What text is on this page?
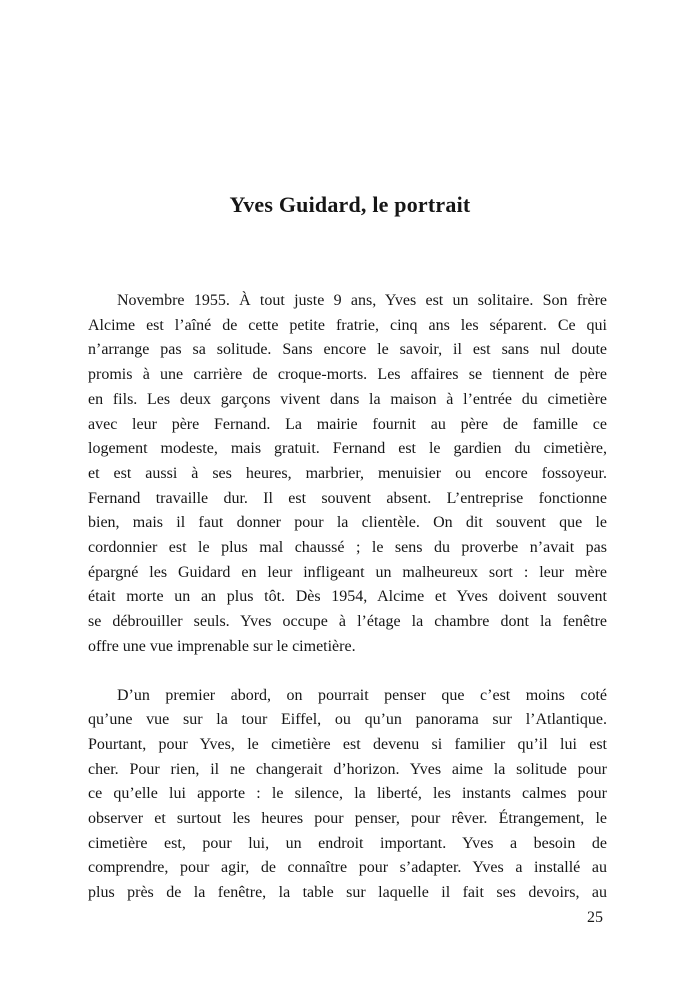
Yves Guidard, le portrait
Novembre 1955. À tout juste 9 ans, Yves est un solitaire. Son frère
Alcime est l’aîné de cette petite fratrie, cinq ans les séparent. Ce qui
n’arrange pas sa solitude. Sans encore le savoir, il est sans nul doute
promis à une carrière de croque-morts. Les affaires se tiennent de père
en fils. Les deux garçons vivent dans la maison à l’entrée du cimetière
avec leur père Fernand. La mairie fournit au père de famille ce
logement modeste, mais gratuit. Fernand est le gardien du cimetière,
et est aussi à ses heures, marbrier, menuisier ou encore fossoyeur.
Fernand travaille dur. Il est souvent absent. L’entreprise fonctionne
bien, mais il faut donner pour la clientèle. On dit souvent que le
cordonnier est le plus mal chaussé ; le sens du proverbe n’avait pas
épargné les Guidard en leur infligeant un malheureux sort : leur mère
était morte un an plus tôt. Dès 1954, Alcime et Yves doivent souvent
se débrouiller seuls. Yves occupe à l’étage la chambre dont la fenêtre
offre une vue imprenable sur le cimetière.
D’un premier abord, on pourrait penser que c’est moins coté
qu’une vue sur la tour Eiffel, ou qu’un panorama sur l’Atlantique.
Pourtant, pour Yves, le cimetière est devenu si familier qu’il lui est
cher. Pour rien, il ne changerait d’horizon. Yves aime la solitude pour
ce qu’elle lui apporte : le silence, la liberté, les instants calmes pour
observer et surtout les heures pour penser, pour rêver. Étrangement, le
cimetière est, pour lui, un endroit important. Yves a besoin de
comprendre, pour agir, de connaître pour s’adapter. Yves a installé au
plus près de la fenêtre, la table sur laquelle il fait ses devoirs, au
25
